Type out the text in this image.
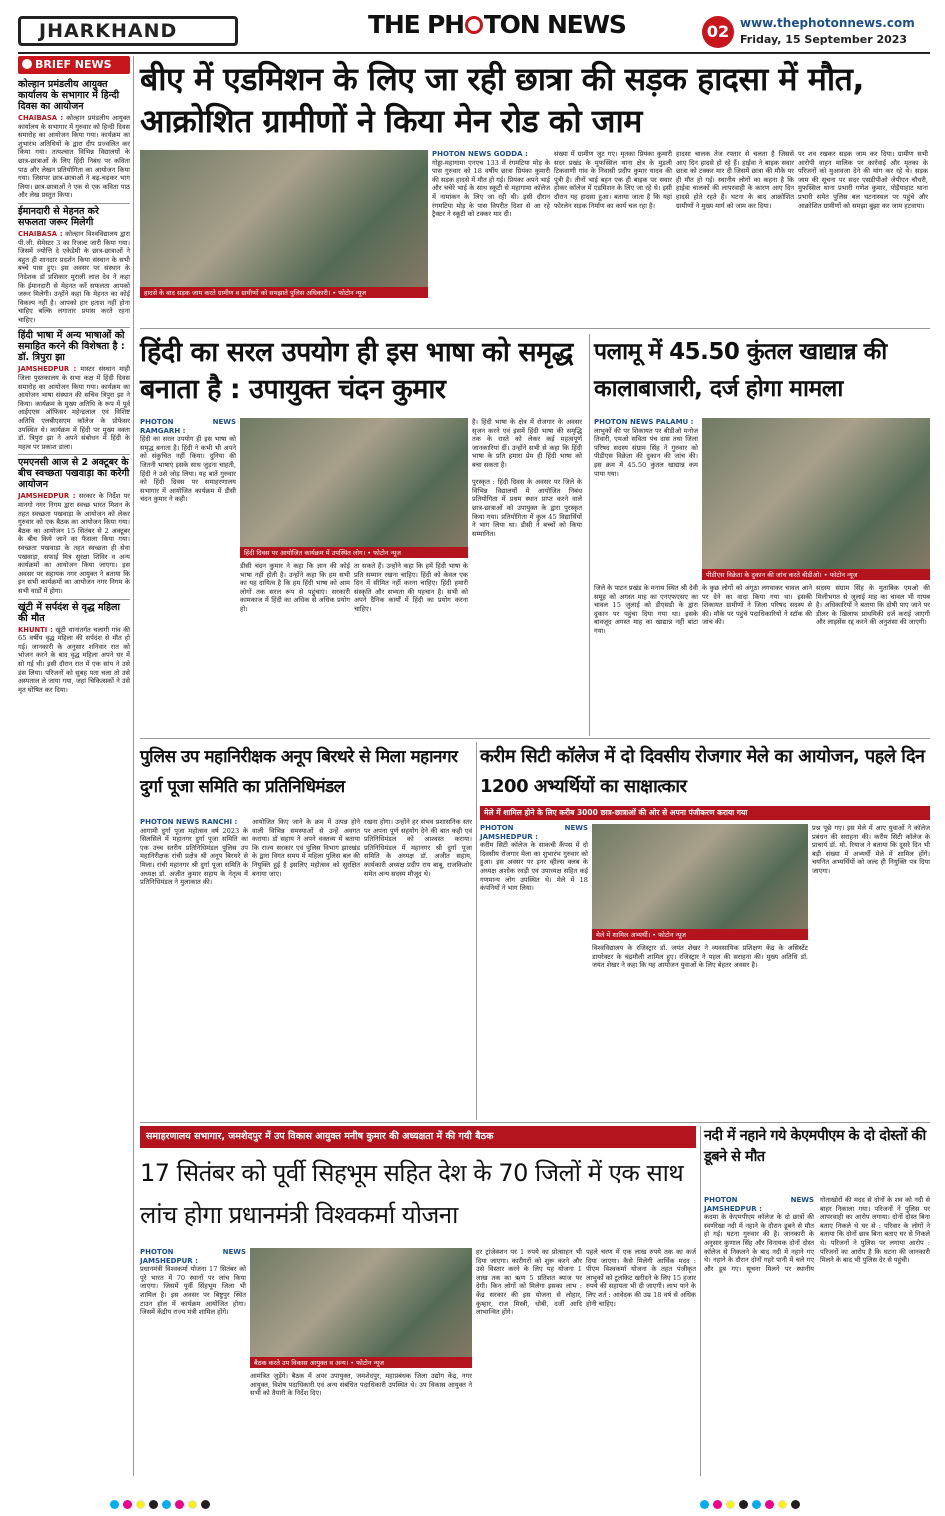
JHARKHAND	THE PH TON NEWS	02 www.thephotonnews.com
Friday, 15 September 2023
BRIEF NEWS
कोल्हान प्रमंडलीय आयुक्त कार्यालय के सभागार में हिन्दी दिवस का आयोजन
CHAIBASA : कोल्हान प्रमंडलीय आयुक्त कार्यालय के सभागार में गुरुवार को हिन्दी दिवस समारोह का आयोजन किया गया। कार्यक्रम का शुभारंभ अतिथियों के द्वारा दीप प्रज्वलित कर किया गया। तत्पश्चात विभिन्न विद्यालयों के छात्र-छात्राओं के लिए हिंदी निबंध पर कविता पाठ और लेखन प्रतियोगिता का आयोजन किया गया। जिसपर छात्र-छात्राओं ने बढ़-चढ़कर भाग लिया। छात्र-छात्राओं ने एक से एक कविता पाठ और लेख प्रस्तुत किया।
ईमानदारी से मेहनत करे सफलता जरूर मिलेगी
CHAIBASA : कोल्हान विश्वविद्यालय द्वारा पी.जी. सेमेस्टर 3 का रिजल्ट जारी किया गया। जिसमें ज्योत्ति दे एकेडेमी के छात्र-छात्राओं ने बहुत ही शानदार प्रदर्शन किया संस्थान के सभी बच्चे पास हुए। इस अवसर पर संस्थान के निदेशक डॉ प्रशिकार मुराली लाल देव ने कहा कि ईमानदारी से मेहनत करें सफलता आपको जरूर मिलेगी। उन्होंने कहा कि मेहनत का कोई विकल्प नहीं है। आपको हार हताश नहीं होना चाहिए बल्कि लगातार प्रयास करते रहना चाहिए।
हिंदी भाषा में अन्य भाषाओं को समाहित करने की विशेषता है : डॉ. त्रिपुरा झा
JAMSHEDPUR : मास्टर संस्थान माही जिला पुस्तकालय के सभा कक्ष में हिंदी दिवस समारोह का आयोजन किया गया। कार्यक्रम का आयोजन भाषा संस्थान की सचिव त्रिपुरा झा ने किया। कार्यक्रम के मुख्य अतिथि के रूप में पूर्व आईएएस ऑफिसर महेन्द्रलाल एवं विशिष्ट अतिथि एलबीएसएम कॉलेज के प्रोफेसर उपस्थित थे। कार्यक्रम में हिंदी पर मुख्य वक्ता डॉ. त्रिपुरा झा ने अपने संबोधन में हिंदी के महत्व पर प्रकाश डाला।
एमएनसी आज से 2 अक्टूबर के बीच स्वच्छता पखवाड़ा का करेगी आयोजन
JAMSHEDPUR : सरकार के निर्देश पर मानगो नगर निगम द्वारा स्वच्छ भारत मिशन के तहत स्वच्छता पखवाड़ा के आयोजन को लेकर गुरुवार को एक बैठक का आयोजन किया गया। बैठक का आयोजन 15 सितंबर से 2 अक्टूबर के बीच किये जाने का फैसला किया गया। स्वच्छता पखवाड़ा के तहत स्वच्छता ही सेवा पखवाड़ा, सफाई मित्र सुरक्षा शिविर व अन्य कार्यक्रमों का आयोजन किया जाएगा। इस अवसर पर सहायक नगर आयुक्त ने बताया कि इन सभी कार्यक्रमों का आयोजन नगर निगम के सभी वार्डों में होगा।
खूंटी में सर्पदंश से वृद्ध महिला की मौत
KHUNTI : खूंटी थानांतर्गत चलागी गांव की 65 वर्षीय वृद्ध महिला की सर्पदंश से मौत हो गई। जानकारी के अनुसार शनिवार रात को भोजन करने के बाद वृद्ध महिला अपने घर में सो गई थी। इसी दौरान रात में एक सांप ने उसे डंस लिया। परिजनों को सुबह पता चला तो उसे अस्पताल ले जाया गया, जहां चिकित्सकों ने उसे मृत घोषित कर दिया।
बीए में एडमिशन के लिए जा रही छात्रा की सड़क हादसा में मौत, आक्रोशित ग्रामीणों ने किया मेन रोड को जाम
हादसे के बाद सड़क जाम करते ग्रामीण व ग्रामीणों को समझाते पुलिस अधिकारी। • फोटोन न्यूज
PHOTON NEWS GODDA :
गोड्डा-महागामा एनएच 133 में रंगमटिया मोड़ के पास गुरुवार को 18 वर्षीय छात्रा प्रियंका कुमारी की सड़क हादसे में मौत हो गई। प्रियंका अपने भाई और चचेरे भाई के साथ स्कूटी से महागामा कॉलेज में नामांकन के लिए जा रही थी। इसी दौरान रंगमटिया मोड़ के पास विपरीत दिशा से आ रहे ट्रैक्टर ने स्कूटी को टक्कर मार दी।
संख्या में ग्रामीण जुट गए। मृतका प्रियंका कुमारी सदर प्रखंड के मुफस्सिल थाना क्षेत्र के मुड़ली टिकवाणी गांव के निवासी प्रदीप कुमार यादव की पुत्री है। तीनों भाई बहन एक ही बाइक पर सवार होकर कॉलेज में एडमिशन के लिए जा रहे थे। इसी दौरान यह हादसा हुआ। बताया जाता है कि यहां फोरलेन सड़क निर्माण का कार्य चल रहा है।
हादसा चालक तेज रफ्तार से चलता है जिससे आए दिन हादसे हो रहे हैं। हाईवा ने बाइक सवार छात्रा को टक्कर मार दी जिसमें छात्रा की मौके पर ही मौत हो गई। स्थानीय लोगों का कहना है कि हाईवा चालकों की लापरवाही के कारण आए दिन हादसे होते रहते हैं। घटना के बाद आक्रोशित ग्रामीणों ने मुख्य मार्ग को जाम कर दिया।
पर शव रखकर सड़क जाम कर दिया। ग्रामीण सभी आरोपी वाहन मालिक पर कार्रवाई और मृतका के परिजनों को मुआवजा देने की मांग कर रहे थे। सड़क जाम की सूचना पर सदर एसडीपीओ जेपीएन चौधरी, मुफस्सिल थाना प्रभारी गणेश कुमार, पोड़ैयाहाट थाना प्रभारी समेत पुलिस बल घटनास्थल पर पहुंचे और आक्रोशित ग्रामीणों को समझा बुझा कर जाम हटवाया।
हिंदी का सरल उपयोग ही इस भाषा को समृद्ध बनाता है : उपायुक्त चंदन कुमार
PHOTON NEWS RAMGARH :
हिंदी का सरल उपयोग ही इस भाषा को समृद्ध बनाता है। हिंदी ने कभी भी अपने को संकुचित नहीं किया। दुनिया की जितनी भाषाएं इसके साथ जुड़ना चाहती, हिंदी ने उसे जोड़ लिया। यह बातें गुरुवार को हिंदी दिवस पर समाहरणालय सभागार में आयोजित कार्यक्रम में डीसी चंदन कुमार ने कही।
हिंदी दिवस पर आयोजित कार्यक्रम में उपस्थित लोग। • फोटोन न्यूज
डीसी चंदन कुमार ने कहा कि ज्ञान की कोई भाषा नहीं होती है। उन्होंने कहा कि हम सभी का यह दायित्व है कि हम हिंदी भाषा को आम लोगों तक सरल रूप से पहुंचाएं। सरकारी कामकाज में हिंदी का अधिक से अधिक प्रयोग हो।
ता सकते हैं। उन्होंने कहा कि हमें हिंदी भाषा के प्रति सम्मान रखना चाहिए। हिंदी को केवल एक दिन में सीमित नहीं करना चाहिए। हिंदी हमारी संस्कृति और सभ्यता की पहचान है। सभी को अपने दैनिक कार्यों में हिंदी का प्रयोग करना चाहिए।
है। हिंदी भाषा के क्षेत्र में रोजगार के अवसर सृजन करने एवं इसमें हिंदी भाषा की समृद्धि तक के रास्ते को लेकर कई महत्वपूर्ण जानकारियां दीं। उन्होंने सभी से कहा कि हिंदी भाषा के प्रति हमारा प्रेम ही हिंदी भाषा को बचा सकता है।

पुरस्कृत : हिंदी दिवस के अवसर पर जिले के विभिन्न विद्यालयों में आयोजित निबंध प्रतियोगिता में प्रथम स्थान प्राप्त करने वाले छात्र-छात्राओं को उपायुक्त के द्वारा पुरस्कृत किया गया। प्रतियोगिता में कुल 45 विद्यार्थियों ने भाग लिया था। डीसी ने बच्चों को किया सम्मानित।
पलामू में 45.50 कुंतल खाद्यान्न की कालाबाजारी, दर्ज होगा मामला
PHOTON NEWS PALAMU :
लाभुकों की पर शिकायत पर बीडीओ मनोज तिवारी, एमओ सविता पंच दास तथा जिला परिषद सदस्य संग्राम सिंह ने गुरुवार को पीडीएस विक्रेता की दुकान की जांच की। इस क्रम में 45.50 कुंतल खाद्यान्न कम पाया गया।
पीडीएस विक्रेता के दुकान की जांच करते बीडीओ। • फोटोन न्यूज
जिले के पाटन प्रखंड के मनाथ स्थित श्री देवी समूह को अगस्त माह का एनएफएसए का चावल 15 जुलाई को डीएसडी के द्वारा दुकान पर पहुंचा दिया गया था। इसके बावजूद अगस्त माह का खाद्यान्न नहीं बांटा गया।
के कुछ लोगों को अंगूठा लगवाकर चावल आने पर देने का वादा किया गया था। इसकी शिकायत ग्रामीणों ने जिला परिषद सदस्य से की। मौके पर पहुंचे पदाधिकारियों ने स्टॉक की जांच की।
सदस्य संग्राम सिंह के मुताबिक एमओ की मिलीभगत से जुलाई माह का चावल भी गायब है। अधिकारियों ने बताया कि दोषी पाए जाने पर डीलर के खिलाफ प्राथमिकी दर्ज कराई जाएगी और लाइसेंस रद्द करने की अनुशंसा की जाएगी।
पुलिस उप महानिरीक्षक अनूप बिरथरे से मिला महानगर दुर्गा पूजा समिति का प्रतिनिधिमंडल
PHOTON NEWS RANCHI :
आगामी दुर्गा पूजा महोत्सव वर्ष 2023 के सिलसिले में महानगर दुर्गा पूजा समिति का एक उच्च स्तरीय प्रतिनिधिमंडल पुलिस उप महानिरीक्षक रांची प्रक्षेत्र श्री अनूप बिरथरे से मिला। रांची महानगर श्री दुर्गा पूजा समिति के अध्यक्ष डॉ. अजीत कुमार सहाय के नेतृत्व में प्रतिनिधिमंडल ने मुलाकात की।
आयोजित किए जाने के क्रम में उत्पन्न होने वाली विभिन्न समस्याओं से उन्हें अवगत कराया। डॉ सहाय ने अपने वक्तव्य में बताया कि राज्य सरकार एवं पुलिस विभाग झारखंड के द्वारा विगत समय में महिला पुलिस बल की नियुक्ति हुई है इसलिए महोत्सव को सुरक्षित बनाया जाए।
रखना होगा। उन्होंने हर संभव प्रशासनिक स्तर पर अपना पूर्ण सहयोग देने की बात कही एवं प्रतिनिधिमंडल को आश्वस्त कराया। प्रतिनिधिमंडल में महानगर श्री दुर्गा पूजा समिति के अध्यक्ष डॉ. अजीत सहाय, कार्यकारी अध्यक्ष प्रदीप राय बाबू, राजकिशोर समेत अन्य सदस्य मौजूद थे।
करीम सिटी कॉलेज में दो दिवसीय रोजगार मेले का आयोजन, पहले दिन 1200 अभ्यर्थियों का साक्षात्कार
मेले में शामिल होने के लिए करीब 3000 छात्र-छात्राओं की ओर से अपना पंजीकरण कराया गया
PHOTON NEWS JAMSHEDPUR :
करीम सिटी कॉलेज के साकची कैंपस में दो दिवसीय रोजगार मेला का शुभारंभ गुरुवार को हुआ। इस अवसर पर इनर व्हील्स क्लब के अध्यक्ष अशोक रवड़ी एवं उपाध्यक्ष सहित कई गणमान्य लोग उपस्थित थे। मेले में 18 कंपनियों ने भाग लिया।
मेले में शामिल अभ्यर्थी। • फोटोन न्यूज
विश्वविद्यालय के रजिस्ट्रार डॉ. जयंत शेखर ने व्यवसायिक प्रशिक्षण केंद्र के असिस्टेंट डायरेक्टर के चंद्रमौली शामिल हुए। रजिस्ट्रार ने पहल की सराहना की। मुख्य अतिथि डॉ. जयंत शेखर ने कहा कि यह आयोजन युवाओं के लिए बेहतर अवसर है।
प्रश्न पूछे गए। इस मेले में आए युवाओं ने कॉलेज प्रबंधन की सराहना की। करीम सिटी कॉलेज के प्राचार्य डॉ. मो. रियाज ने बताया कि दूसरे दिन भी बड़ी संख्या में अभ्यर्थी मेले में शामिल होंगे। चयनित अभ्यर्थियों को जल्द ही नियुक्ति पत्र दिया जाएगा।
समाहरणालय सभागार, जमशेदपुर में उप विकास आयुक्त मनीष कुमार की अध्यक्षता में की गयी बैठक
17 सितंबर को पूर्वी सिहभूम सहित देश के 70 जिलों में एक साथ लांच होगा प्रधानमंत्री विश्वकर्मा योजना
PHOTON NEWS JAMSHEDPUR :
प्रधानमंत्री विश्वकर्मा योजना 17 सितंबर को पूरे भारत में 70 स्थानों पर लांच किया जाएगा। जिसमें पूर्वी सिंहभूम जिला भी शामिल है। इस अवसर पर बिष्टुपुर स्थित टाउन हॉल में कार्यक्रम आयोजित होगा। जिसमें केंद्रीय राज्य मंत्री शामिल होंगे।
बैठक करते उप विकास आयुक्त व अन्य। • फोटोन न्यूज
आमंत्रित जुड़ेंगे। बैठक में अपर उपायुक्त, जमशेदपुर, महाप्रबंधक जिला उद्योग केंद्र, नगर आयुक्त, विशेष पदाधिकारी एवं अन्य संबंधित पदाधिकारी उपस्थित थे। उप विकास आयुक्त ने सभी को तैयारी के निर्देश दिए।
हर ट्रांजेक्शन पर 1 रुपये का प्रोत्साहन भी दिया जाएगा। कारीगरों को शुरू करने और उसे विस्तार करने के लिए यह योजना 1 लाख तक का ऋण 5 प्रतिशत ब्याज पर देगी। किन लोगों को मिलेगा इसका लाभ : केंद्र सरकार की इस योजना से लोहार, कुम्हार, राज मिस्त्री, धोबी, दर्जी आदि लाभान्वित होंगे।
पहले चरण में एक लाख रुपये तक का कर्ज दिया जाएगा। कैसे मिलेगी आर्थिक मदद : पीएम विश्वकर्मा योजना के तहत पंजीकृत लाभुकों को टूलकिट खरीदने के लिए 15 हजार रुपये की सहायता भी दी जाएगी। लाभ पाने के लिए शर्त : आवेदक की उम्र 18 वर्ष से अधिक होनी चाहिए।
नदी में नहाने गये केएमपीएम के दो दोस्तों की डूबने से मौत
PHOTON NEWS JAMSHEDPUR :
कदमा के केएमपीएम कॉलेज के दो छात्रों की स्वर्णरेखा नदी में नहाने के दौरान डूबने से मौत हो गई। घटना गुरुवार की है। जानकारी के अनुसार कुणाल सिंह और विनायक दोनों दोस्त कॉलेज से निकलने के बाद नदी में नहाने गए थे। नहाने के दौरान दोनों गहरे पानी में चले गए और डूब गए। सूचना मिलने पर स्थानीय गोताखोरों की मदद से दोनों के शव को नदी से बाहर निकाला गया। परिजनों ने पुलिस पर लापरवाही का आरोप लगाया। दोनों दोस्त बिना बताए निकले थे घर से : परिवार के लोगों ने बताया कि दोनों छात्र बिना बताए घर से निकले थे। परिजनों ने पुलिस पर लगाया आरोप : परिजनों का आरोप है कि घटना की जानकारी मिलने के बाद भी पुलिस देर से पहुंची।
